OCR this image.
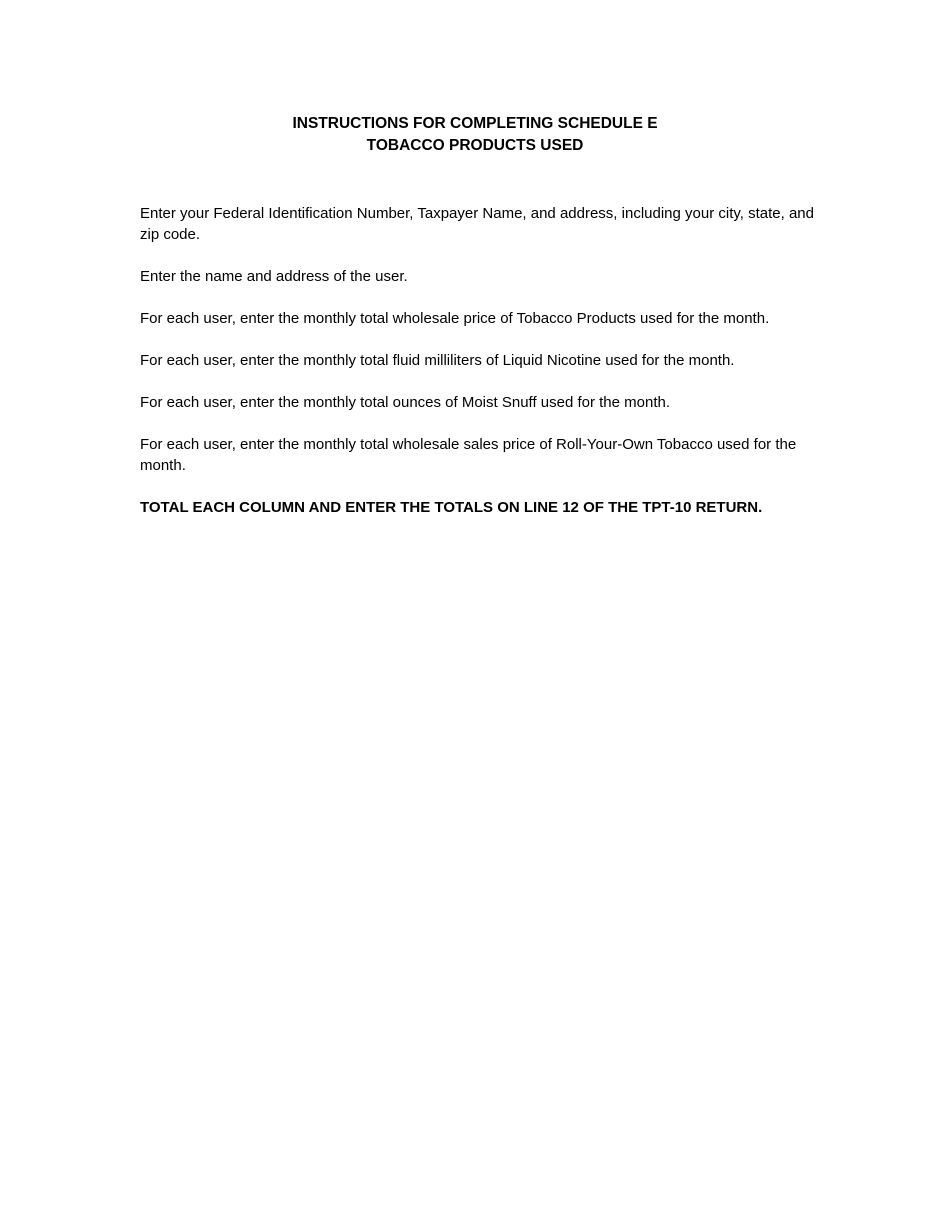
INSTRUCTIONS FOR COMPLETING SCHEDULE E
TOBACCO PRODUCTS USED

Enter your Federal Identification Number, Taxpayer Name, and address, including your city, state, and zip code.

Enter the name and address of the user.

For each user, enter the monthly total wholesale price of Tobacco Products used for the month.

For each user, enter the monthly total fluid milliliters of Liquid Nicotine used for the month.

For each user, enter the monthly total ounces of Moist Snuff used for the month.

For each user, enter the monthly total wholesale sales price of Roll-Your-Own Tobacco used for the month.

TOTAL EACH COLUMN AND ENTER THE TOTALS ON LINE 12 OF THE TPT-10 RETURN.
